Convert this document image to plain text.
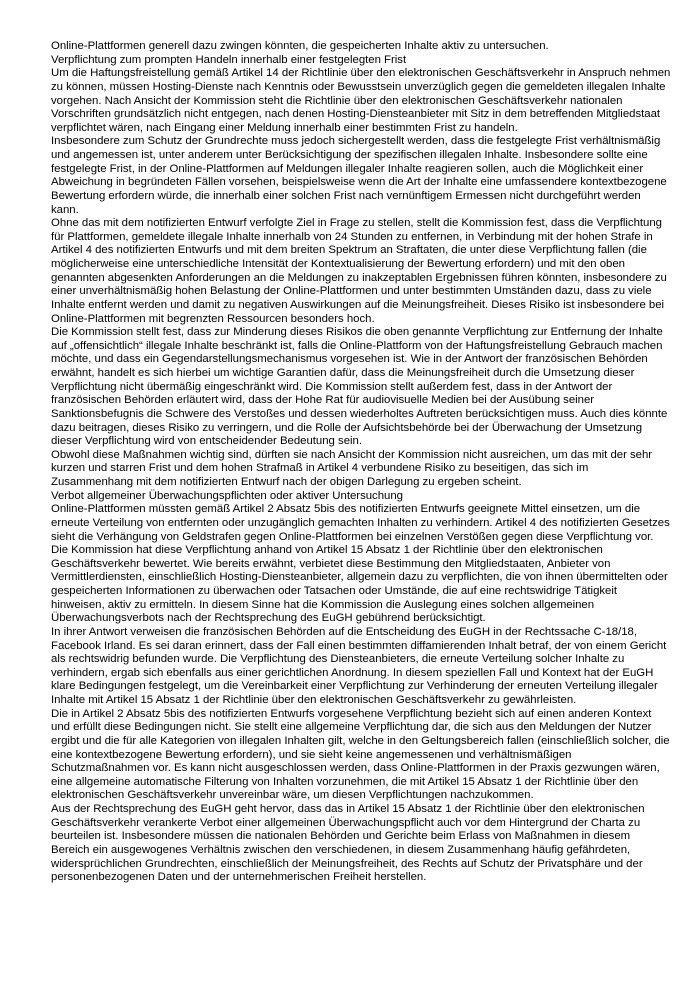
Online-Plattformen generell dazu zwingen könnten, die gespeicherten Inhalte aktiv zu untersuchen.

Verpflichtung zum prompten Handeln innerhalb einer festgelegten Frist

Um die Haftungsfreistellung gemäß Artikel 14 der Richtlinie über den elektronischen Geschäftsverkehr in Anspruch nehmen zu können, müssen Hosting-Dienste nach Kenntnis oder Bewusstsein unverzüglich gegen die gemeldeten illegalen Inhalte vorgehen. Nach Ansicht der Kommission steht die Richtlinie über den elektronischen Geschäftsverkehr nationalen Vorschriften grundsätzlich nicht entgegen, nach denen Hosting-Diensteanbieter mit Sitz in dem betreffenden Mitgliedstaat verpflichtet wären, nach Eingang einer Meldung innerhalb einer bestimmten Frist zu handeln.

Insbesondere zum Schutz der Grundrechte muss jedoch sichergestellt werden, dass die festgelegte Frist verhältnismäßig und angemessen ist, unter anderem unter Berücksichtigung der spezifischen illegalen Inhalte. Insbesondere sollte eine festgelegte Frist, in der Online-Plattformen auf Meldungen illegaler Inhalte reagieren sollen, auch die Möglichkeit einer Abweichung in begründeten Fällen vorsehen, beispielsweise wenn die Art der Inhalte eine umfassendere kontextbezogene Bewertung erfordern würde, die innerhalb einer solchen Frist nach vernünftigem Ermessen nicht durchgeführt werden kann.

Ohne das mit dem notifizierten Entwurf verfolgte Ziel in Frage zu stellen, stellt die Kommission fest, dass die Verpflichtung für Plattformen, gemeldete illegale Inhalte innerhalb von 24 Stunden zu entfernen, in Verbindung mit der hohen Strafe in Artikel 4 des notifizierten Entwurfs und mit dem breiten Spektrum an Straftaten, die unter diese Verpflichtung fallen (die möglicherweise eine unterschiedliche Intensität der Kontextualisierung der Bewertung erfordern) und mit den oben genannten abgesenkten Anforderungen an die Meldungen zu inakzeptablen Ergebnissen führen könnten, insbesondere zu einer unverhältnismäßig hohen Belastung der Online-Plattformen und unter bestimmten Umständen dazu, dass zu viele Inhalte entfernt werden und damit zu negativen Auswirkungen auf die Meinungsfreiheit. Dieses Risiko ist insbesondere bei Online-Plattformen mit begrenzten Ressourcen besonders hoch.

Die Kommission stellt fest, dass zur Minderung dieses Risikos die oben genannte Verpflichtung zur Entfernung der Inhalte auf „offensichtlich“ illegale Inhalte beschränkt ist, falls die Online-Plattform von der Haftungsfreistellung Gebrauch machen möchte, und dass ein Gegendarstellungsmechanismus vorgesehen ist. Wie in der Antwort der französischen Behörden erwähnt, handelt es sich hierbei um wichtige Garantien dafür, dass die Meinungsfreiheit durch die Umsetzung dieser Verpflichtung nicht übermäßig eingeschränkt wird. Die Kommission stellt außerdem fest, dass in der Antwort der französischen Behörden erläutert wird, dass der Hohe Rat für audiovisuelle Medien bei der Ausübung seiner Sanktionsbefugnis die Schwere des Verstoßes und dessen wiederholtes Auftreten berücksichtigen muss. Auch dies könnte dazu beitragen, dieses Risiko zu verringern, und die Rolle der Aufsichtsbehörde bei der Überwachung der Umsetzung dieser Verpflichtung wird von entscheidender Bedeutung sein.

Obwohl diese Maßnahmen wichtig sind, dürften sie nach Ansicht der Kommission nicht ausreichen, um das mit der sehr kurzen und starren Frist und dem hohen Strafmaß in Artikel 4 verbundene Risiko zu beseitigen, das sich im Zusammenhang mit dem notifizierten Entwurf nach der obigen Darlegung zu ergeben scheint.

Verbot allgemeiner Überwachungspflichten oder aktiver Untersuchung

Online-Plattformen müssten gemäß Artikel 2 Absatz 5bis des notifizierten Entwurfs geeignete Mittel einsetzen, um die erneute Verteilung von entfernten oder unzugänglich gemachten Inhalten zu verhindern. Artikel 4 des notifizierten Gesetzes sieht die Verhängung von Geldstrafen gegen Online-Plattformen bei einzelnen Verstößen gegen diese Verpflichtung vor.

Die Kommission hat diese Verpflichtung anhand von Artikel 15 Absatz 1 der Richtlinie über den elektronischen Geschäftsverkehr bewertet. Wie bereits erwähnt, verbietet diese Bestimmung den Mitgliedstaaten, Anbieter von Vermittlerdiensten, einschließlich Hosting-Diensteanbieter, allgemein dazu zu verpflichten, die von ihnen übermittelten oder gespeicherten Informationen zu überwachen oder Tatsachen oder Umstände, die auf eine rechtswidrige Tätigkeit hinweisen, aktiv zu ermitteln. In diesem Sinne hat die Kommission die Auslegung eines solchen allgemeinen Überwachungsverbots nach der Rechtsprechung des EuGH gebührend berücksichtigt.

In ihrer Antwort verweisen die französischen Behörden auf die Entscheidung des EuGH in der Rechtssache C-18/18, Facebook Irland. Es sei daran erinnert, dass der Fall einen bestimmten diffamierenden Inhalt betraf, der von einem Gericht als rechtswidrig befunden wurde. Die Verpflichtung des Diensteanbieters, die erneute Verteilung solcher Inhalte zu verhindern, ergab sich ebenfalls aus einer gerichtlichen Anordnung. In diesem speziellen Fall und Kontext hat der EuGH klare Bedingungen festgelegt, um die Vereinbarkeit einer Verpflichtung zur Verhinderung der erneuten Verteilung illegaler Inhalte mit Artikel 15 Absatz 1 der Richtlinie über den elektronischen Geschäftsverkehr zu gewährleisten.

Die in Artikel 2 Absatz 5bis des notifizierten Entwurfs vorgesehene Verpflichtung bezieht sich auf einen anderen Kontext und erfüllt diese Bedingungen nicht. Sie stellt eine allgemeine Verpflichtung dar, die sich aus den Meldungen der Nutzer ergibt und die für alle Kategorien von illegalen Inhalten gilt, welche in den Geltungsbereich fallen (einschließlich solcher, die eine kontextbezogene Bewertung erfordern), und sie sieht keine angemessenen und verhältnismäßigen Schutzmaßnahmen vor. Es kann nicht ausgeschlossen werden, dass Online-Plattformen in der Praxis gezwungen wären, eine allgemeine automatische Filterung von Inhalten vorzunehmen, die mit Artikel 15 Absatz 1 der Richtlinie über den elektronischen Geschäftsverkehr unvereinbar wäre, um diesen Verpflichtungen nachzukommen.

Aus der Rechtsprechung des EuGH geht hervor, dass das in Artikel 15 Absatz 1 der Richtlinie über den elektronischen Geschäftsverkehr verankerte Verbot einer allgemeinen Überwachungspflicht auch vor dem Hintergrund der Charta zu beurteilen ist. Insbesondere müssen die nationalen Behörden und Gerichte beim Erlass von Maßnahmen in diesem Bereich ein ausgewogenes Verhältnis zwischen den verschiedenen, in diesem Zusammenhang häufig gefährdeten, widersprüchlichen Grundrechten, einschließlich der Meinungsfreiheit, des Rechts auf Schutz der Privatsphäre und der personenbezogenen Daten und der unternehmerischen Freiheit herstellen.
